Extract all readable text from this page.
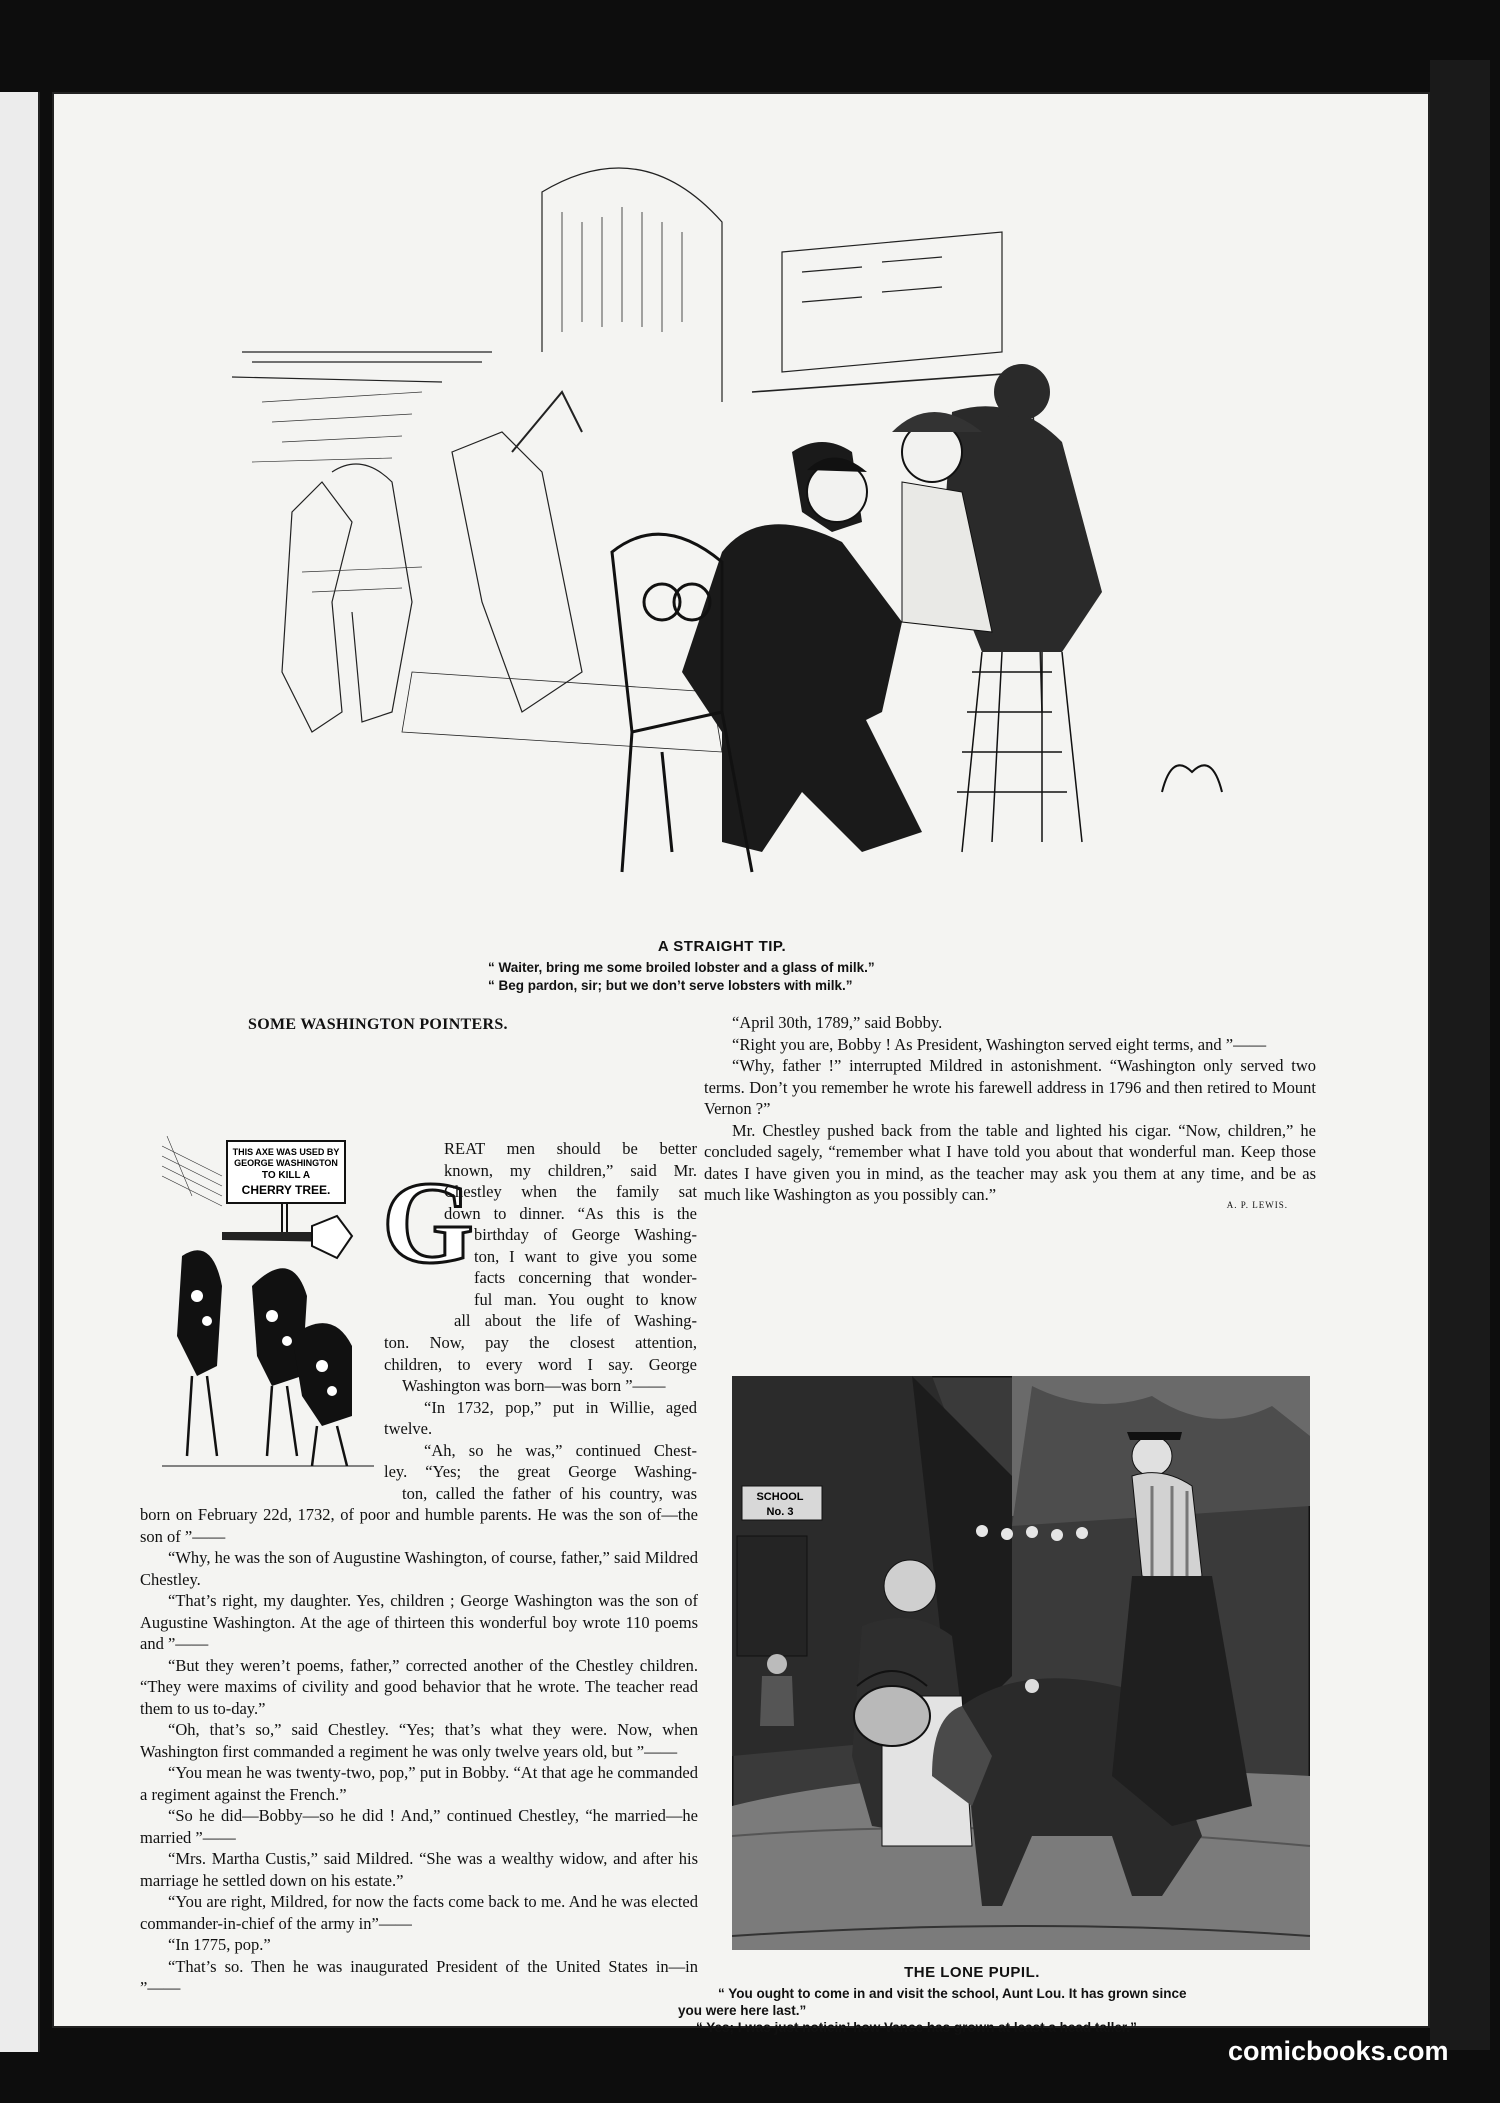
A STRAIGHT TIP.
“ Waiter, bring me some broiled lobster and a glass of milk.”
“ Beg pardon, sir; but we don’t serve lobsters with milk.”
SOME WASHINGTON POINTERS.
THIS AXE WAS USED BY
GEORGE WASHINGTON
TO KILL A
CHERRY TREE. G

REAT men should be better

known, my children,” said Mr.

Chestley when the family sat

down to dinner. “As this is the

birthday of George Washing-

ton, I want to give you some

facts concerning that wonder-

ful man. You ought to know

all about the life of Washing-

ton. Now, pay the closest attention,

children, to every word I say. George

Washington was born—was born ”——

“In 1732, pop,” put in Willie, aged

twelve.

“Ah, so he was,” continued Chest-

ley. “Yes; the great George Washing-

ton, called the father of his country, was

born on February 22d, 1732, of poor and humble parents. He was the son of—the son of ”——

“Why, he was the son of Augustine Washington, of course, father,” said Mildred Chestley.

“That’s right, my daughter. Yes, children ; George Washington was the son of Augustine Washington. At the age of thirteen this wonderful boy wrote 110 poems and ”——

“But they weren’t poems, father,” corrected another of the Chestley children. “They were maxims of civility and good behavior that he wrote. The teacher read them to us to-day.”

“Oh, that’s so,” said Chestley. “Yes; that’s what they were. Now, when Washington first commanded a regiment he was only twelve years old, but ”——

“You mean he was twenty-two, pop,” put in Bobby. “At that age he commanded a regiment against the French.”

“So he did—Bobby—so he did ! And,” continued Chestley, “he married—he married ”——

“Mrs. Martha Custis,” said Mildred. “She was a wealthy widow, and after his marriage he settled down on his estate.”

“You are right, Mildred, for now the facts come back to me. And he was elected commander-in-chief of the army in”——

“In 1775, pop.”

“That’s so. Then he was inaugurated President of the United States in—in ”——

“April 30th, 1789,” said Bobby.

“Right you are, Bobby ! As President, Washington served eight terms, and ”——

“Why, father !” interrupted Mildred in astonishment. “Washington only served two terms. Don’t you remember he wrote his farewell address in 1796 and then retired to Mount Vernon ?”

Mr. Chestley pushed back from the table and lighted his cigar. “Now, children,” he concluded sagely, “remember what I have told you about that wonderful man. Keep those dates I have given you in mind, as the teacher may ask you them at any time, and be as much like Washington as you possibly can.”

A. P. LEWIS.
SCHOOL
No. 3
THE LONE PUPIL.
“ You ought to come in and visit the school, Aunt Lou. It has grown since
you were here last.”
“ Yes; I was just noticin’ how Vance has grown at least a head taller.”
comicbooks.com
